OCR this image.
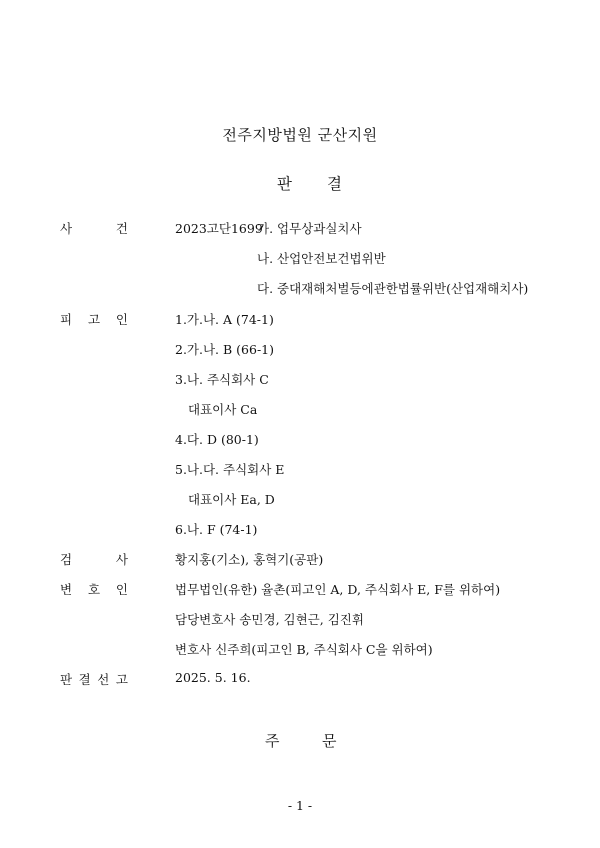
전주지방법원 군산지원
판 결
사	건	2023고단1699
가. 업무상과실치사
나. 산업안전보건법위반
다. 중대재해처벌등에관한법률위반(산업재해치사)
피 고 인	1.가.나. A (74-1)
2.가.나. B (66-1)
3.나. 주식회사 C
대표이사 Ca
4.다. D (80-1)
5.나.다. 주식회사 E
대표이사 Ea, D
6.나. F (74-1)
검	사	황지홍(기소), 홍혁기(공판)
변 호 인	법무법인(유한) 율촌(피고인 A, D, 주식회사 E, F를 위하여)
담당변호사 송민경, 김현근, 김진휘
변호사 신주희(피고인 B, 주식회사 C을 위하여)
판 결 선 고	2025. 5. 16.
주	문
- 1 -
